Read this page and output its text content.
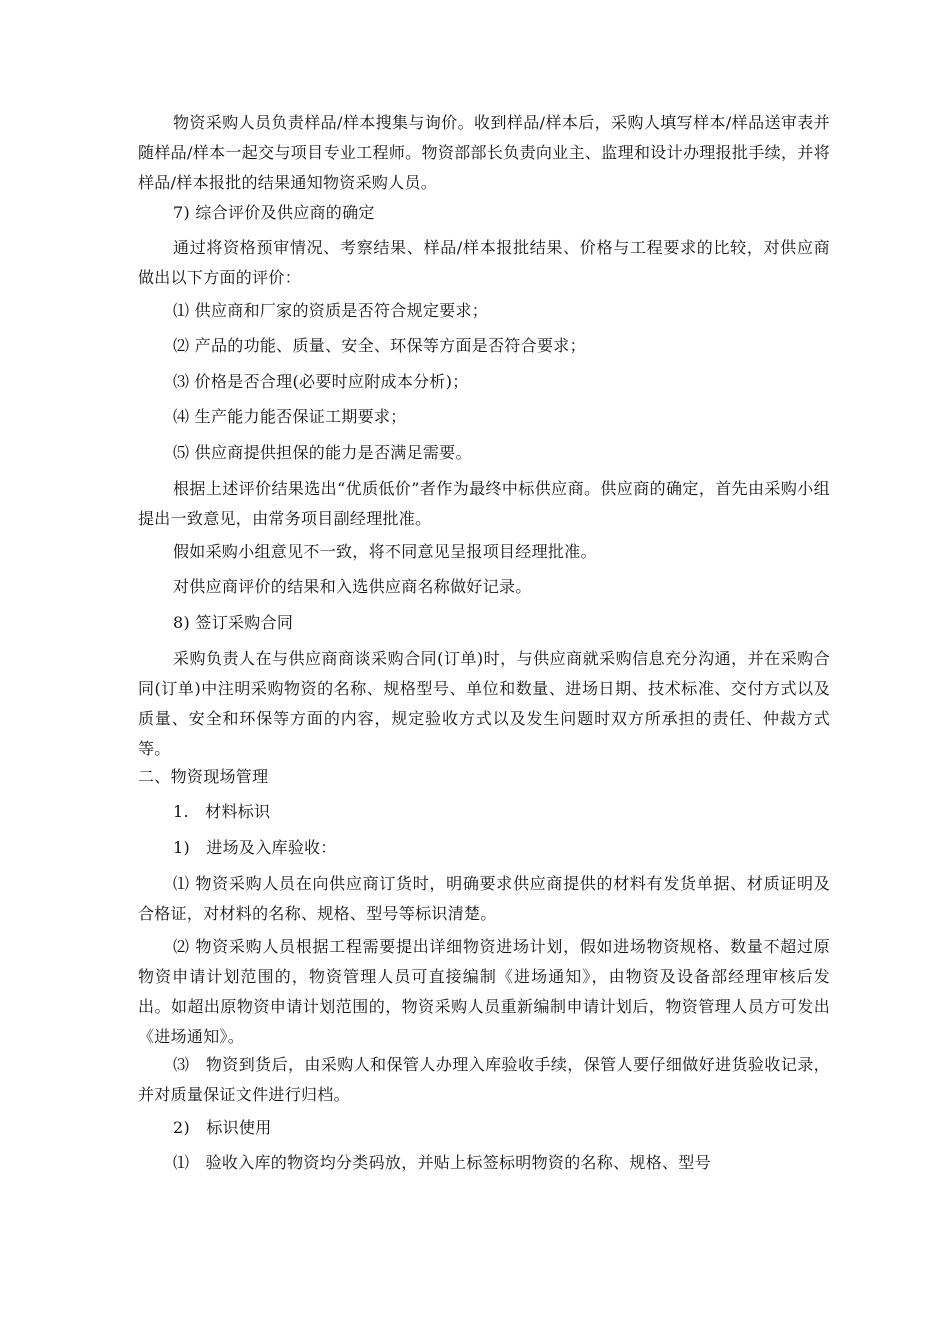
物资采购人员负责样品/样本搜集与询价。收到样品/样本后，采购人填写样本/样品送审表并随样品/样本一起交与项目专业工程师。物资部部长负责向业主、监理和设计办理报批手续，并将样品/样本报批的结果通知物资采购人员。

7) 综合评价及供应商的确定

通过将资格预审情况、考察结果、样品/样本报批结果、价格与工程要求的比较，对供应商做出以下方面的评价：

⑴ 供应商和厂家的资质是否符合规定要求；

⑵ 产品的功能、质量、安全、环保等方面是否符合要求；

⑶ 价格是否合理(必要时应附成本分析)；

⑷ 生产能力能否保证工期要求；

⑸ 供应商提供担保的能力是否满足需要。

根据上述评价结果选出“优质低价”者作为最终中标供应商。供应商的确定，首先由采购小组提出一致意见，由常务项目副经理批准。

假如采购小组意见不一致，将不同意见呈报项目经理批准。

对供应商评价的结果和入选供应商名称做好记录。

8) 签订采购合同

采购负责人在与供应商商谈采购合同(订单)时，与供应商就采购信息充分沟通，并在采购合同(订单)中注明采购物资的名称、规格型号、单位和数量、进场日期、技术标准、交付方式以及质量、安全和环保等方面的内容，规定验收方式以及发生问题时双方所承担的责任、仲裁方式等。

二、物资现场管理

1.　材料标识

1)　进场及入库验收：

⑴ 物资采购人员在向供应商订货时，明确要求供应商提供的材料有发货单据、材质证明及合格证，对材料的名称、规格、型号等标识清楚。

⑵ 物资采购人员根据工程需要提出详细物资进场计划，假如进场物资规格、数量不超过原物资申请计划范围的，物资管理人员可直接编制《进场通知》，由物资及设备部经理审核后发出。如超出原物资申请计划范围的，物资采购人员重新编制申请计划后，物资管理人员方可发出《进场通知》。

⑶　物资到货后，由采购人和保管人办理入库验收手续，保管人要仔细做好进货验收记录，并对质量保证文件进行归档。

2)　标识使用

⑴　验收入库的物资均分类码放，并贴上标签标明物资的名称、规格、型号
